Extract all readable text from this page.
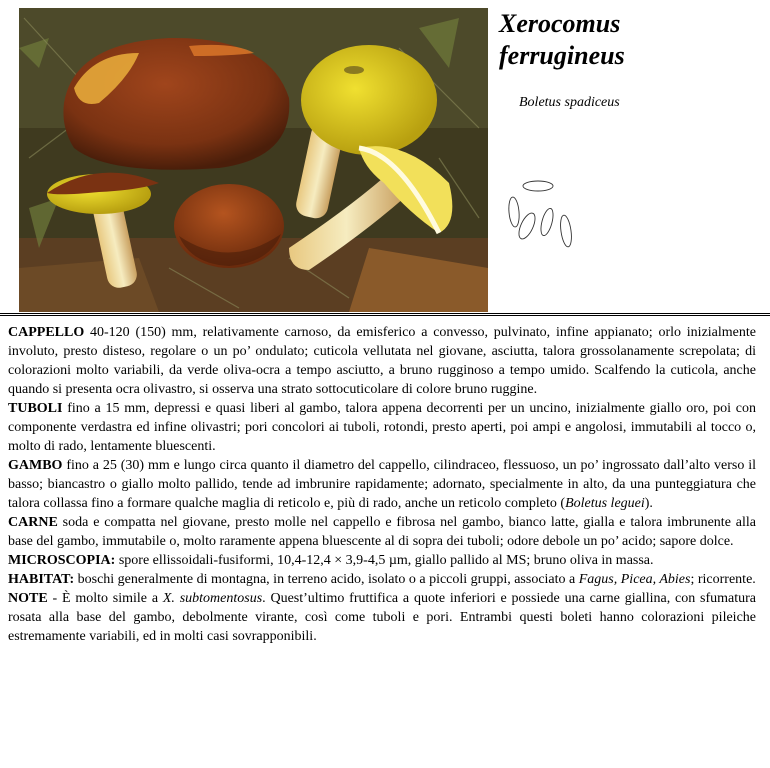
Xerocomus
ferrugineus

Boletus spadiceus

CAPPELLO 40-120 (150) mm, relativamente carnoso, da emisferico a convesso, pulvinato, infine appianato; orlo inizialmente involuto, presto disteso, regolare o un po’ ondulato; cuticola vellutata nel giovane, asciutta, talora grossolanamente screpolata; di colorazioni molto variabili, da verde oliva-ocra a tempo asciutto, a bruno rugginoso a tempo umido. Scalfendo la cuticola, anche quando si presenta ocra olivastro, si osserva una strato sottocuticolare di colore bruno ruggine.

TUBOLI fino a 15 mm, depressi e quasi liberi al gambo, talora appena decorrenti per un uncino, inizialmente giallo oro, poi con componente verdastra ed infine olivastri; pori concolori ai tuboli, rotondi, presto aperti, poi ampi e angolosi, immutabili al tocco o, molto di rado, lentamente bluescenti.

GAMBO fino a 25 (30) mm e lungo circa quanto il diametro del cappello, cilindraceo, flessuoso, un po’ ingrossato dall’alto verso il basso; biancastro o giallo molto pallido, tende ad imbrunire rapidamente; adornato, specialmente in alto, da una punteggiatura che talora collassa fino a formare qualche maglia di reticolo e, più di rado, anche un reticolo completo (Boletus leguei).

CARNE soda e compatta nel giovane, presto molle nel cappello e fibrosa nel gambo, bianco latte, gialla e talora imbrunente alla base del gambo, immutabile o, molto raramente appena bluescente al di sopra dei tuboli; odore debole un po’ acido; sapore dolce.

MICROSCOPIA: spore ellissoidali-fusiformi, 10,4-12,4 × 3,9-4,5 µm, giallo pallido al MS; bruno oliva in massa.

HABITAT: boschi generalmente di montagna, in terreno acido, isolato o a piccoli gruppi, associato a Fagus, Picea, Abies; ricorrente.

NOTE - È molto simile a X. subtomentosus. Quest’ultimo fruttifica a quote inferiori e possiede una carne giallina, con sfumatura rosata alla base del gambo, debolmente virante, così come tuboli e pori. Entrambi questi boleti hanno colorazioni pileiche estremamente variabili, ed in molti casi sovrapponibili.
